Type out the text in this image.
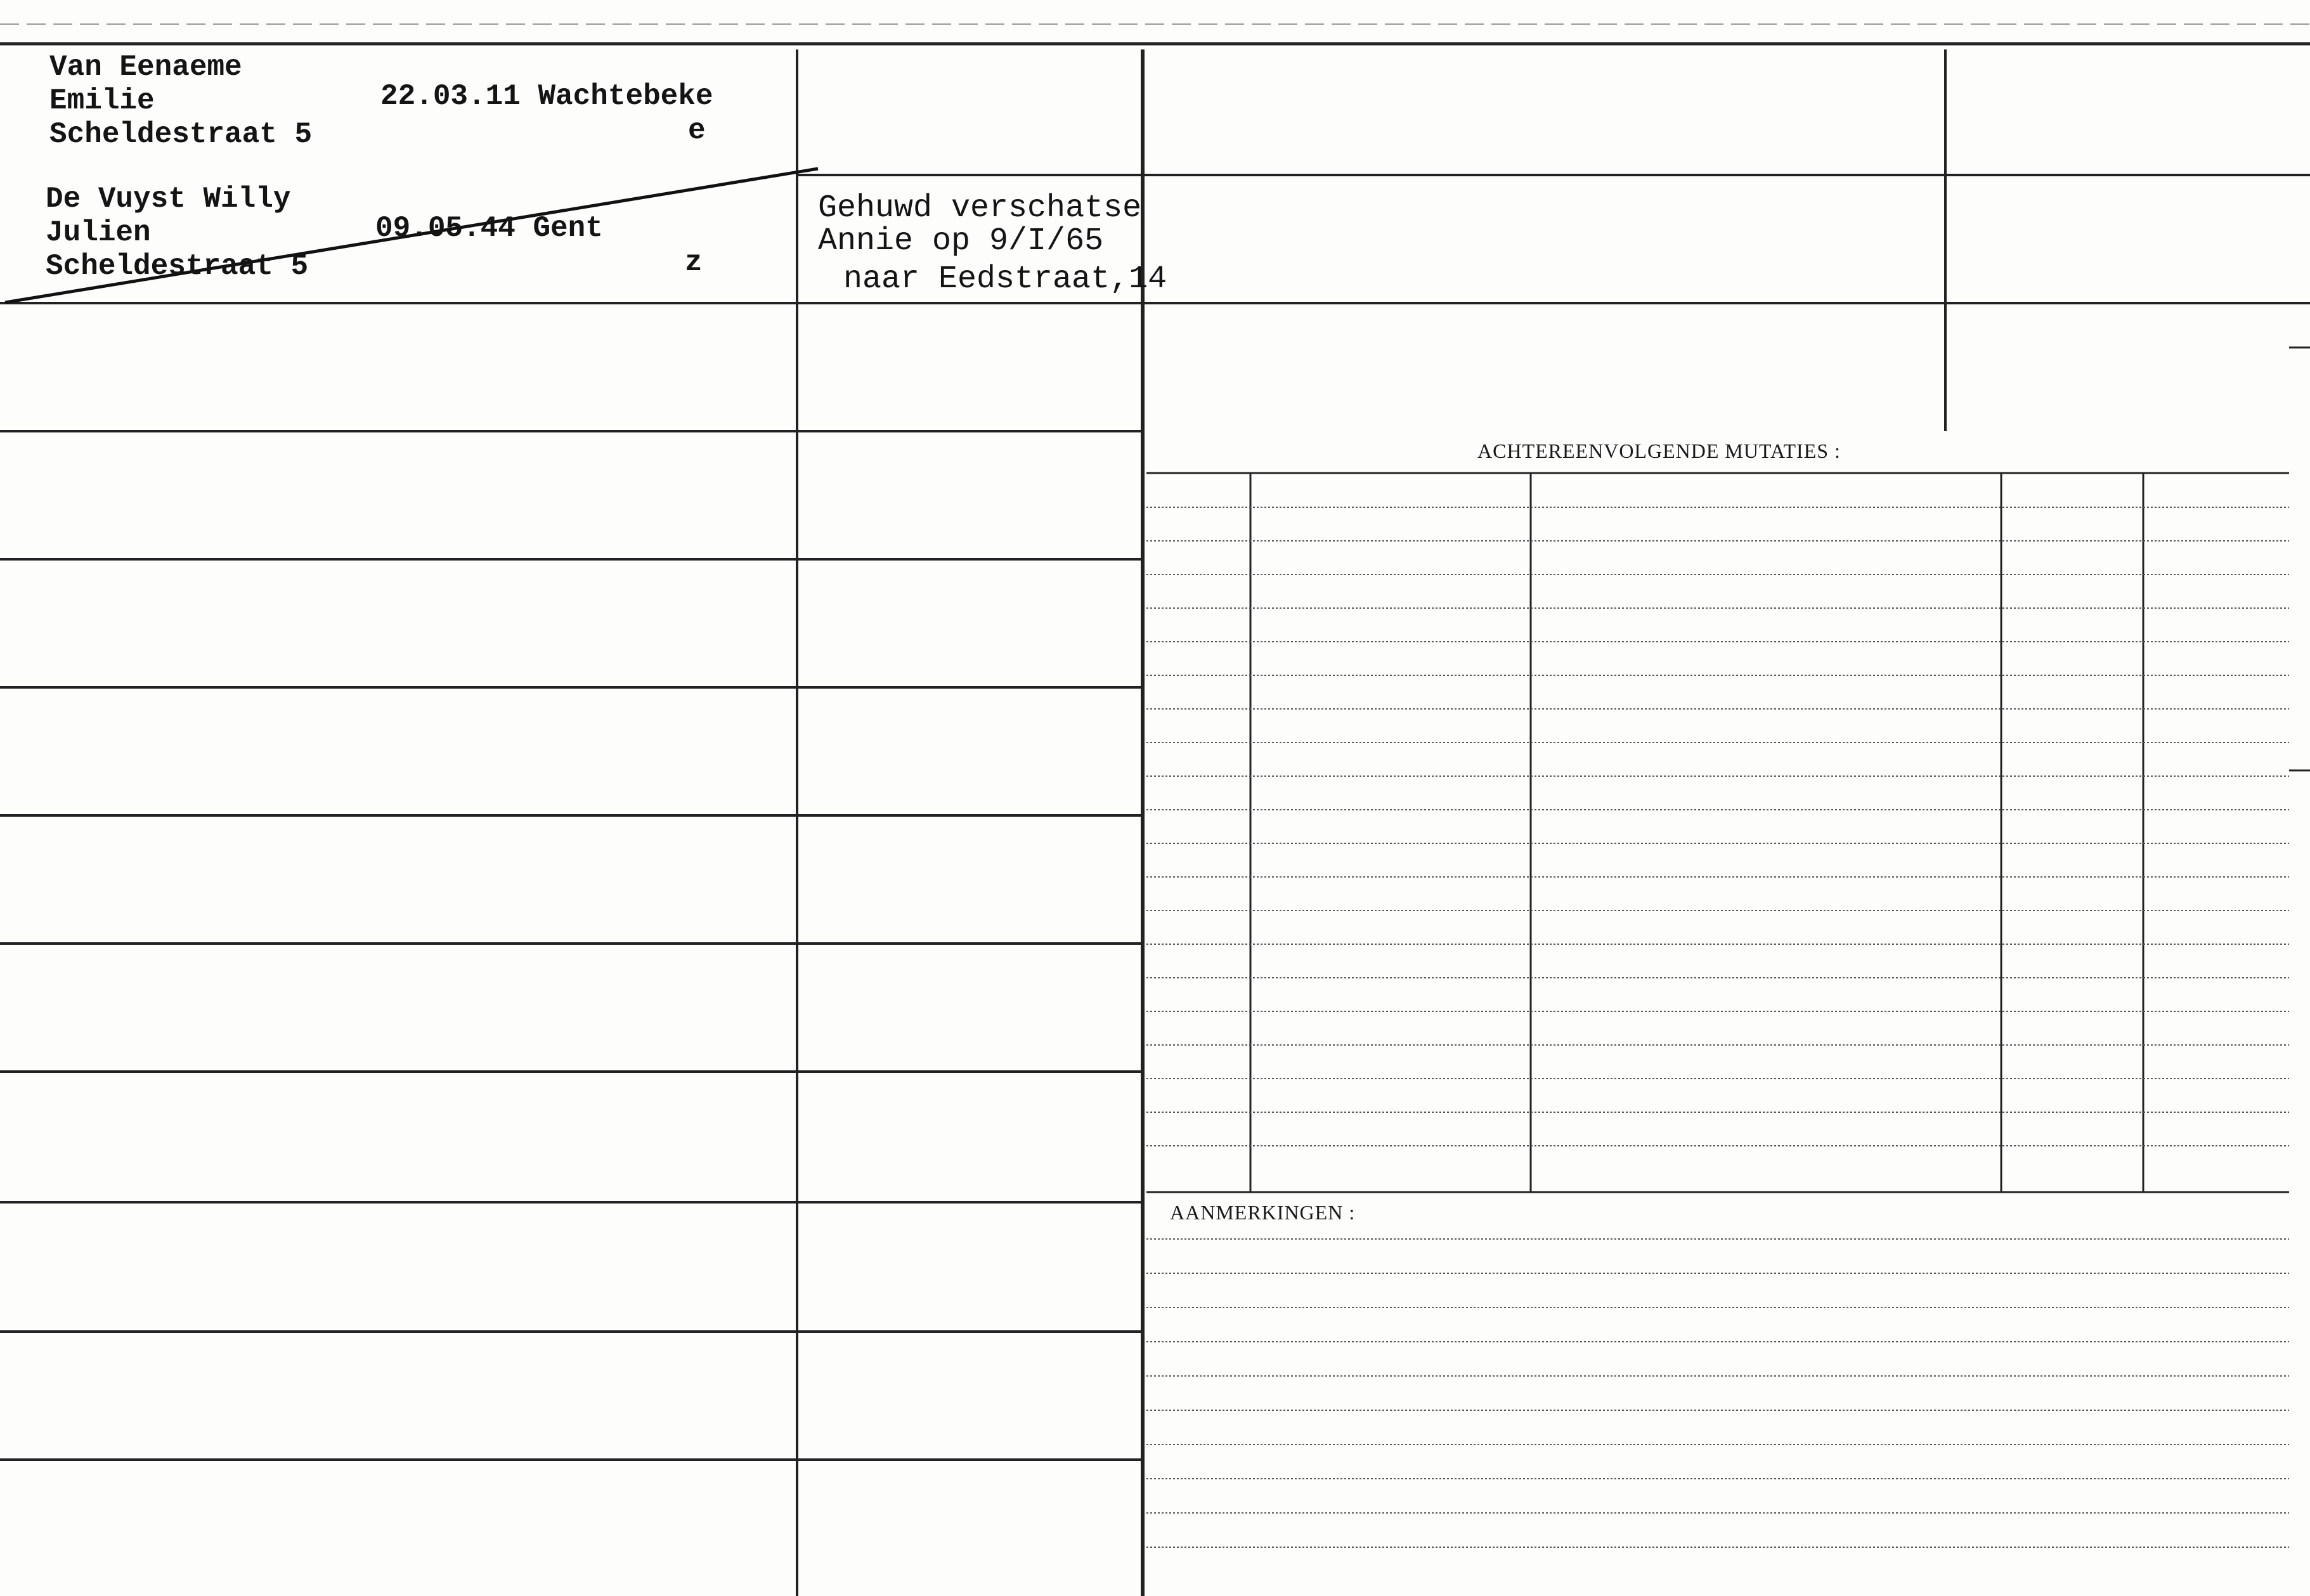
Van Eenaeme
Emilie
Scheldestraat 5
22.03.11 Wachtebeke
e
De Vuyst Willy
Julien
Scheldestraat 5
09.05.44 Gent
z
Gehuwd verschatse
Annie op 9/I/65
naar Eedstraat,14
ACHTEREENVOLGENDE MUTATIES :
AANMERKINGEN :
